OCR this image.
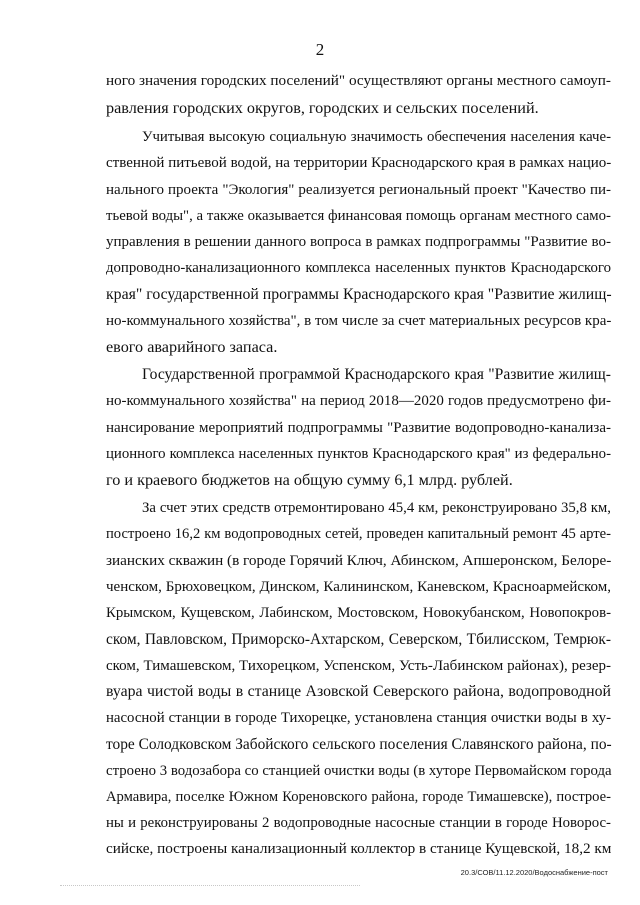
2
ного значения городских поселений" осуществляют органы местного самоуп-
равления городских округов, городских и сельских поселений.
Учитывая высокую социальную значимость обеспечения населения каче-
ственной питьевой водой, на территории Краснодарского края в рамках нацио-
нального проекта "Экология" реализуется региональный проект "Качество пи-
тьевой воды", а также оказывается финансовая помощь органам местного само-
управления в решении данного вопроса в рамках подпрограммы "Развитие во-
допроводно-канализационного комплекса населенных пунктов Краснодарского
края" государственной программы Краснодарского края "Развитие жилищ-
но-коммунального хозяйства", в том числе за счет материальных ресурсов кра-
евого аварийного запаса.
Государственной программой Краснодарского края "Развитие жилищ-
но-коммунального хозяйства" на период 2018—2020 годов предусмотрено фи-
нансирование мероприятий подпрограммы "Развитие водопроводно-канализа-
ционного комплекса населенных пунктов Краснодарского края" из федерально-
го и краевого бюджетов на общую сумму 6,1 млрд. рублей.
За счет этих средств отремонтировано 45,4 км, реконструировано 35,8 км,
построено 16,2 км водопроводных сетей, проведен капитальный ремонт 45 арте-
зианских скважин (в городе Горячий Ключ, Абинском, Апшеронском, Белоре-
ченском, Брюховецком, Динском, Калининском, Каневском, Красноармейском,
Крымском, Кущевском, Лабинском, Мостовском, Новокубанском, Новопокров-
ском, Павловском, Приморско-Ахтарском, Северском, Тбилисском, Темрюк-
ском, Тимашевском, Тихорецком, Успенском, Усть-Лабинском районах), резер-
вуара чистой воды в станице Азовской Северского района, водопроводной
насосной станции в городе Тихорецке, установлена станция очистки воды в ху-
торе Солодковском Забойского сельского поселения Славянского района, по-
строено 3 водозабора со станцией очистки воды (в хуторе Первомайском города
Армавира, поселке Южном Кореновского района, городе Тимашевске), построе-
ны и реконструированы 2 водопроводные насосные станции в городе Новорос-
сийске, построены канализационный коллектор в станице Кущевской, 18,2 км
20.3/СОВ/11.12.2020/Водоснабжение-пост
